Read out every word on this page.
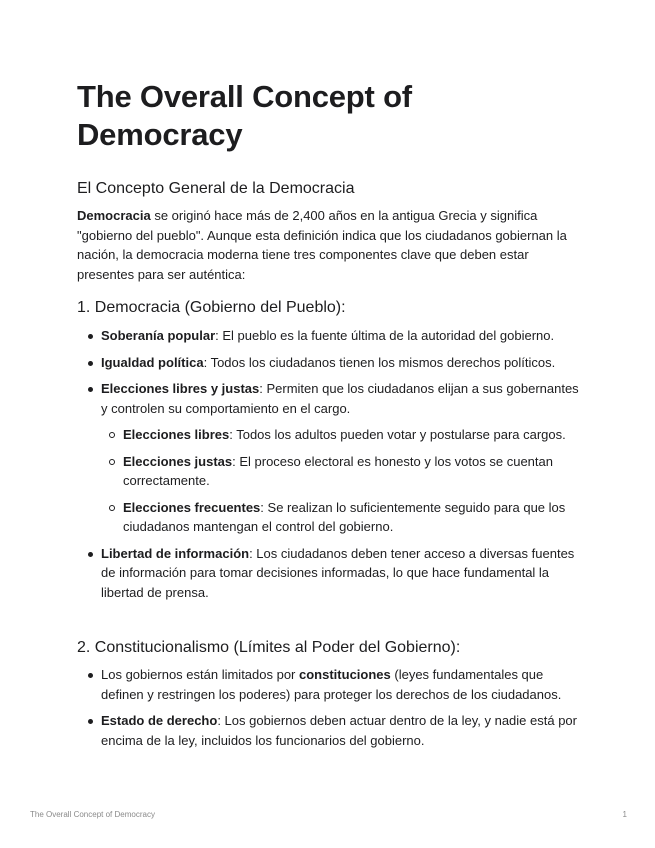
The Overall Concept of Democracy
El Concepto General de la Democracia

Democracia se originó hace más de 2,400 años en la antigua Grecia y significa "gobierno del pueblo". Aunque esta definición indica que los ciudadanos gobiernan la nación, la democracia moderna tiene tres componentes clave que deben estar presentes para ser auténtica:

1. Democracia (Gobierno del Pueblo):
Soberanía popular: El pueblo es la fuente última de la autoridad del gobierno.
Igualdad política: Todos los ciudadanos tienen los mismos derechos políticos.
Elecciones libres y justas: Permiten que los ciudadanos elijan a sus gobernantes y controlen su comportamiento en el cargo.
Elecciones libres: Todos los adultos pueden votar y postularse para cargos.
Elecciones justas: El proceso electoral es honesto y los votos se cuentan correctamente.
Elecciones frecuentes: Se realizan lo suficientemente seguido para que los ciudadanos mantengan el control del gobierno.
Libertad de información: Los ciudadanos deben tener acceso a diversas fuentes de información para tomar decisiones informadas, lo que hace fundamental la libertad de prensa.
2. Constitucionalismo (Límites al Poder del Gobierno):
Los gobiernos están limitados por constituciones (leyes fundamentales que definen y restringen los poderes) para proteger los derechos de los ciudadanos.
Estado de derecho: Los gobiernos deben actuar dentro de la ley, y nadie está por encima de la ley, incluidos los funcionarios del gobierno.
The Overall Concept of Democracy	1
